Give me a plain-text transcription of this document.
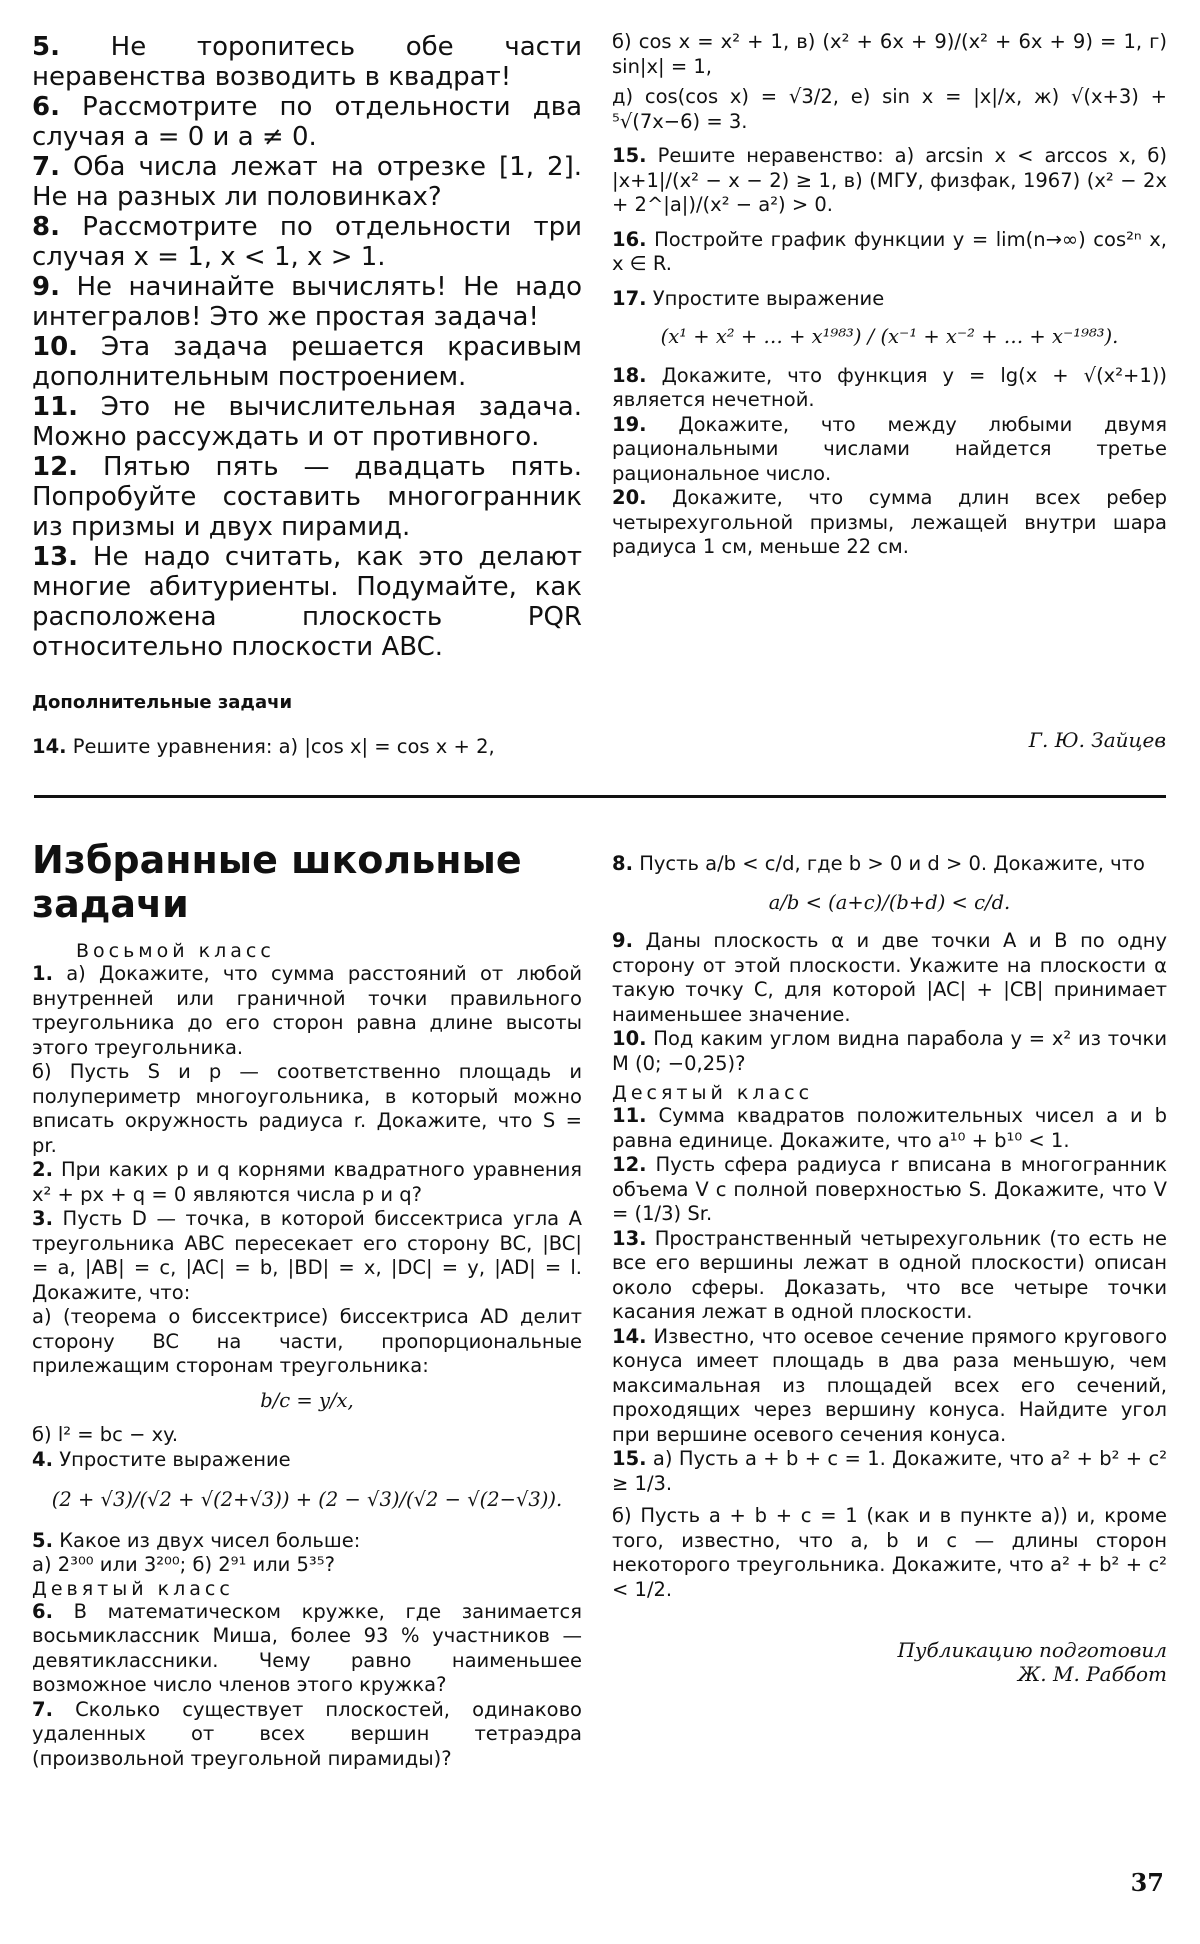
5. Не торопитесь обе части неравенства возводить в квадрат!

6. Рассмотрите по отдельности два случая a = 0 и a ≠ 0.

7. Оба числа лежат на отрезке [1, 2]. Не на разных ли половинках?

8. Рассмотрите по отдельности три случая x = 1, x < 1, x > 1.

9. Не начинайте вычислять! Не надо интегралов! Это же простая задача!

10. Эта задача решается красивым дополнительным построением.

11. Это не вычислительная задача. Можно рассуждать и от противного.

12. Пятью пять — двадцать пять. Попробуйте составить многогранник из призмы и двух пирамид.

13. Не надо считать, как это делают многие абитуриенты. Подумайте, как расположена плоскость PQR относительно плоскости ABC.

Дополнительные задачи

14. Решите уравнения: а) |cos x| = cos x + 2,

б) cos x = x² + 1, в) (x² + 6x + 9)/(x² + 6x + 9) = 1, г) sin|x| = 1,

д) cos(cos x) = √3/2, е) sin x = |x|/x, ж) √(x+3) + ⁵√(7x−6) = 3.

15. Решите неравенство: а) arcsin x < arccos x, б) |x+1|/(x² − x − 2) ≥ 1, в) (МГУ, физфак, 1967) (x² − 2x + 2^|a|)/(x² − a²) > 0.

16. Постройте график функции y = lim(n→∞) cos²ⁿ x, x ∈ R.

17. Упростите выражение

(x¹ + x² + … + x¹⁹⁸³) / (x⁻¹ + x⁻² + … + x⁻¹⁹⁸³).

18. Докажите, что функция y = lg(x + √(x²+1)) является нечетной.

19. Докажите, что между любыми двумя рациональными числами найдется третье рациональное число.

20. Докажите, что сумма длин всех ребер четырехугольной призмы, лежащей внутри шара радиуса 1 см, меньше 22 см.

Г. Ю. Зайцев

Избранные школьные задачи

Восьмой класс

1. а) Докажите, что сумма расстояний от любой внутренней или граничной точки правильного треугольника до его сторон равна длине высоты этого треугольника.

б) Пусть S и p — соответственно площадь и полупериметр многоугольника, в который можно вписать окружность радиуса r. Докажите, что S = pr.

2. При каких p и q корнями квадратного уравнения x² + px + q = 0 являются числа p и q?

3. Пусть D — точка, в которой биссектриса угла A треугольника ABC пересекает его сторону BC, |BC| = a, |AB| = c, |AC| = b, |BD| = x, |DC| = y, |AD| = l. Докажите, что:

а) (теорема о биссектрисе) биссектриса AD делит сторону BC на части, пропорциональные прилежащим сторонам треугольника:

b/c = y/x,

б) l² = bc − xy.

4. Упростите выражение

(2 + √3)/(√2 + √(2+√3)) + (2 − √3)/(√2 − √(2−√3)).

5. Какое из двух чисел больше:

а) 2³⁰⁰ или 3²⁰⁰; б) 2⁹¹ или 5³⁵?

Девятый класс

6. В математическом кружке, где занимается восьмиклассник Миша, более 93 % участников — девятиклассники. Чему равно наименьшее возможное число членов этого кружка?

7. Сколько существует плоскостей, одинаково удаленных от всех вершин тетраэдра (произвольной треугольной пирамиды)?

8. Пусть a/b < c/d, где b > 0 и d > 0. Докажите, что

a/b < (a+c)/(b+d) < c/d.

9. Даны плоскость α и две точки A и B по одну сторону от этой плоскости. Укажите на плоскости α такую точку C, для которой |AC| + |CB| принимает наименьшее значение.

10. Под каким углом видна парабола y = x² из точки M (0; −0,25)?

Десятый класс

11. Сумма квадратов положительных чисел a и b равна единице. Докажите, что a¹⁰ + b¹⁰ < 1.

12. Пусть сфера радиуса r вписана в многогранник объема V с полной поверхностью S. Докажите, что V = (1/3) Sr.

13. Пространственный четырехугольник (то есть не все его вершины лежат в одной плоскости) описан около сферы. Доказать, что все четыре точки касания лежат в одной плоскости.

14. Известно, что осевое сечение прямого кругового конуса имеет площадь в два раза меньшую, чем максимальная из площадей всех его сечений, проходящих через вершину конуса. Найдите угол при вершине осевого сечения конуса.

15. а) Пусть a + b + c = 1. Докажите, что a² + b² + c² ≥ 1/3.

б) Пусть a + b + c = 1 (как и в пункте а)) и, кроме того, известно, что a, b и c — длины сторон некоторого треугольника. Докажите, что a² + b² + c² < 1/2.

Публикацию подготовил

Ж. М. Раббот

37
